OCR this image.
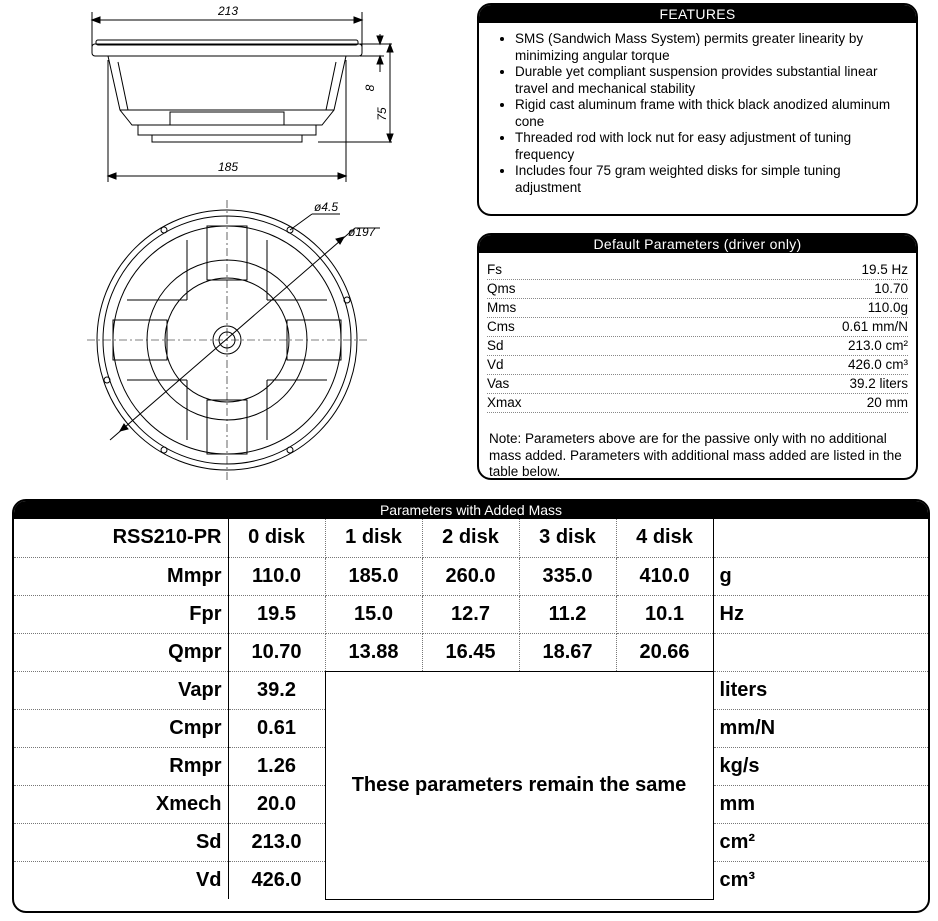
213
185
8
75
ø4.5
ø197
FEATURES
• SMS (Sandwich Mass System) permits greater linearity by minimizing angular torque
• Durable yet compliant suspension provides substantial linear travel and mechanical stability
• Rigid cast aluminum frame with thick black anodized aluminum cone
• Threaded rod with lock nut for easy adjustment of tuning frequency
• Includes four 75 gram weighted disks for simple tuning adjustment
Default Parameters (driver only)
Fs	19.5 Hz
Qms	10.70
Mms	110.0g
Cms	0.61 mm/N
Sd	213.0 cm²
Vd	426.0 cm³
Vas	39.2 liters
Xmax	20 mm
Note: Parameters above are for the passive only with no additional mass added. Parameters with additional mass added are listed in the table below.
Parameters with Added Mass
RSS210-PR	0 disk	1 disk	2 disk	3 disk	4 disk	
Mmpr	110.0	185.0	260.0	335.0	410.0	g
Fpr	19.5	15.0	12.7	11.2	10.1	Hz
Qmpr	10.70	13.88	16.45	18.67	20.66	
Vapr	39.2	These parameters remain the same				liters
Cmpr	0.61					mm/N
Rmpr	1.26					kg/s
Xmech	20.0					mm
Sd	213.0					cm²
Vd	426.0					cm³
